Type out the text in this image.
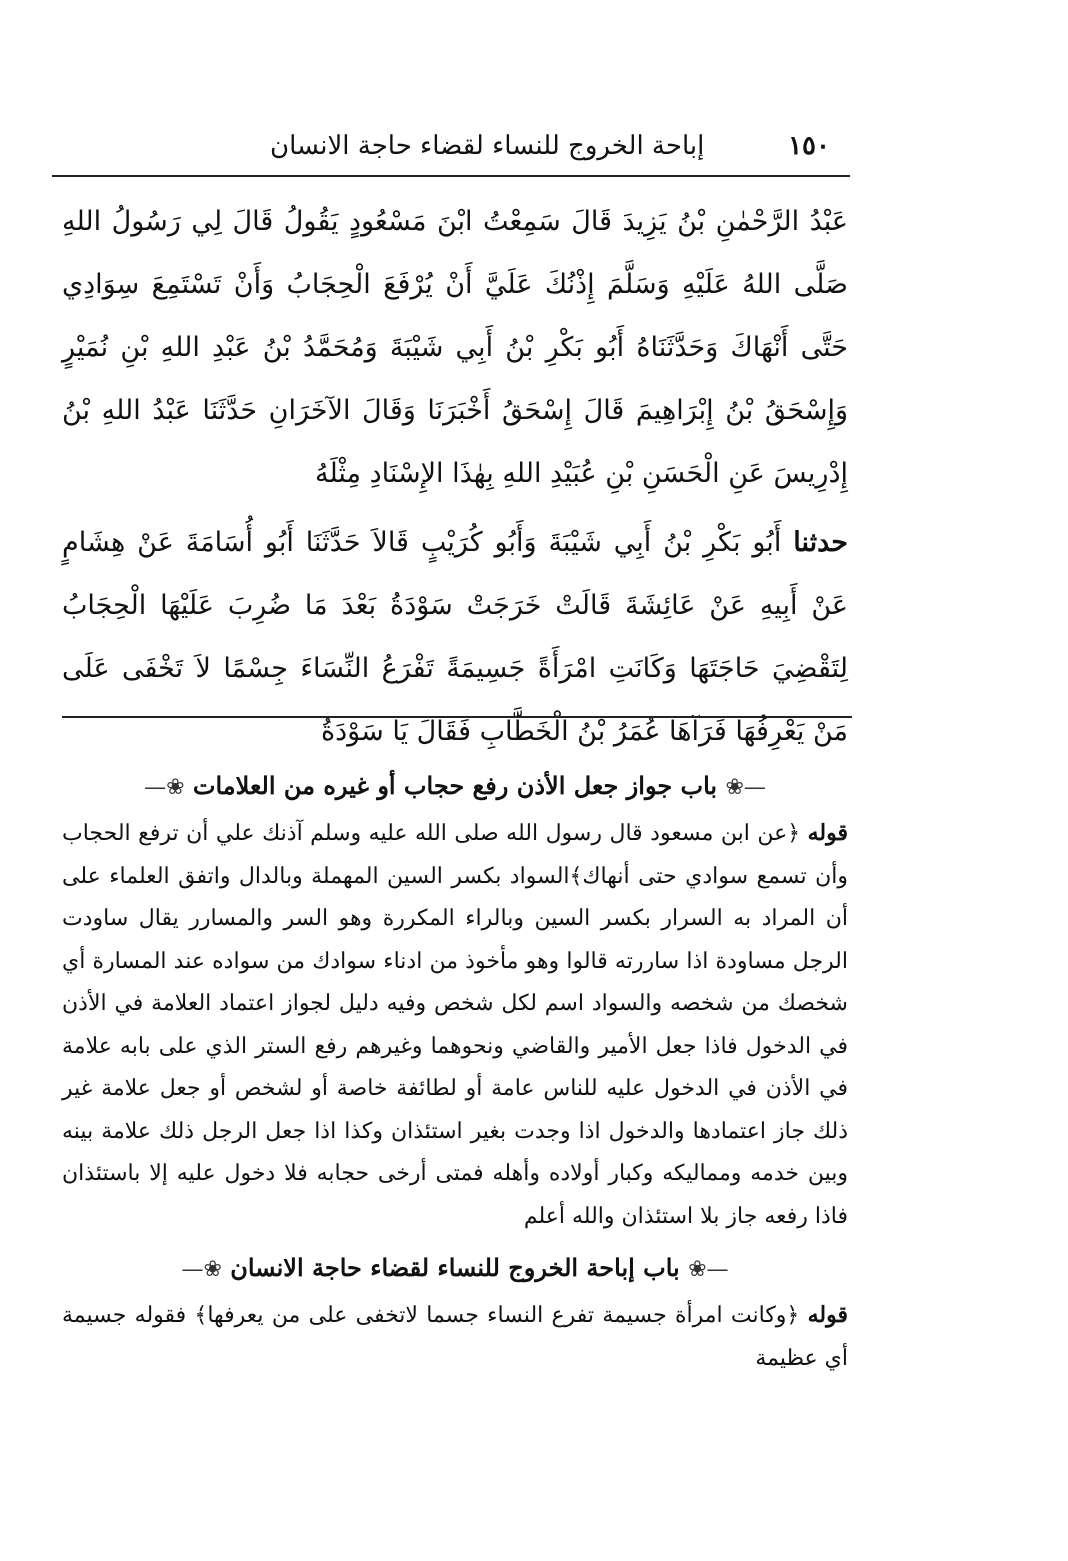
١٥٠
إباحة الخروج للنساء لقضاء حاجة الانسان

عَبْدُ الرَّحْمٰنِ بْنُ يَزِيدَ قَالَ سَمِعْتُ ابْنَ مَسْعُودٍ يَقُولُ قَالَ لِي رَسُولُ اللهِ صَلَّى اللهُ عَلَيْهِ وَسَلَّمَ إِذْنُكَ عَلَيَّ أَنْ يُرْفَعَ الْحِجَابُ وَأَنْ تَسْتَمِعَ سِوَادِي حَتَّى أَنْهَاكَ وَحَدَّثَنَاهُ أَبُو بَكْرِ بْنُ أَبِي شَيْبَةَ وَمُحَمَّدُ بْنُ عَبْدِ اللهِ بْنِ نُمَيْرٍ وَإِسْحَقُ بْنُ إِبْرَاهِيمَ قَالَ إِسْحَقُ أَخْبَرَنَا وَقَالَ الآخَرَانِ حَدَّثَنَا عَبْدُ اللهِ بْنُ إِدْرِيسَ عَنِ الْحَسَنِ بْنِ عُبَيْدِ اللهِ بِهٰذَا الإِسْنَادِ مِثْلَهُ

حدثنا أَبُو بَكْرِ بْنُ أَبِي شَيْبَةَ وَأَبُو كُرَيْبٍ قَالاَ حَدَّثَنَا أَبُو أُسَامَةَ عَنْ هِشَامٍ عَنْ أَبِيهِ عَنْ عَائِشَةَ قَالَتْ خَرَجَتْ سَوْدَةُ بَعْدَ مَا ضُرِبَ عَلَيْهَا الْحِجَابُ لِتَقْضِيَ حَاجَتَهَا وَكَانَتِ امْرَأَةً جَسِيمَةً تَفْرَعُ النِّسَاءَ جِسْمًا لاَ تَخْفَى عَلَى مَنْ يَعْرِفُهَا فَرَآهَا عُمَرُ بْنُ الْخَطَّابِ فَقَالَ يَا سَوْدَةُ

—❀ باب جواز جعل الأذن رفع حجاب أو غيره من العلامات ❀—

قوله ﴿عن ابن مسعود قال رسول الله صلى الله عليه وسلم آذنك علي أن ترفع الحجاب وأن تسمع سوادي حتى أنهاك﴾السواد بكسر السين المهملة وبالدال واتفق العلماء على أن المراد به السرار بكسر السين وبالراء المكررة وهو السر والمسارر يقال ساودت الرجل مساودة اذا ساررته قالوا وهو مأخوذ من ادناء سوادك من سواده عند المسارة أي شخصك من شخصه والسواد اسم لكل شخص وفيه دليل لجواز اعتماد العلامة في الأذن في الدخول فاذا جعل الأمير والقاضي ونحوهما وغيرهم رفع الستر الذي على بابه علامة في الأذن في الدخول عليه للناس عامة أو لطائفة خاصة أو لشخص أو جعل علامة غير ذلك جاز اعتمادها والدخول اذا وجدت بغير استئذان وكذا اذا جعل الرجل ذلك علامة بينه وبين خدمه ومماليكه وكبار أولاده وأهله فمتى أرخى حجابه فلا دخول عليه إلا باستئذان فاذا رفعه جاز بلا استئذان والله أعلم

—❀ باب إباحة الخروج للنساء لقضاء حاجة الانسان ❀—

قوله ﴿وكانت امرأة جسيمة تفرع النساء جسما لاتخفى على من يعرفها﴾ فقوله جسيمة أي عظيمة
